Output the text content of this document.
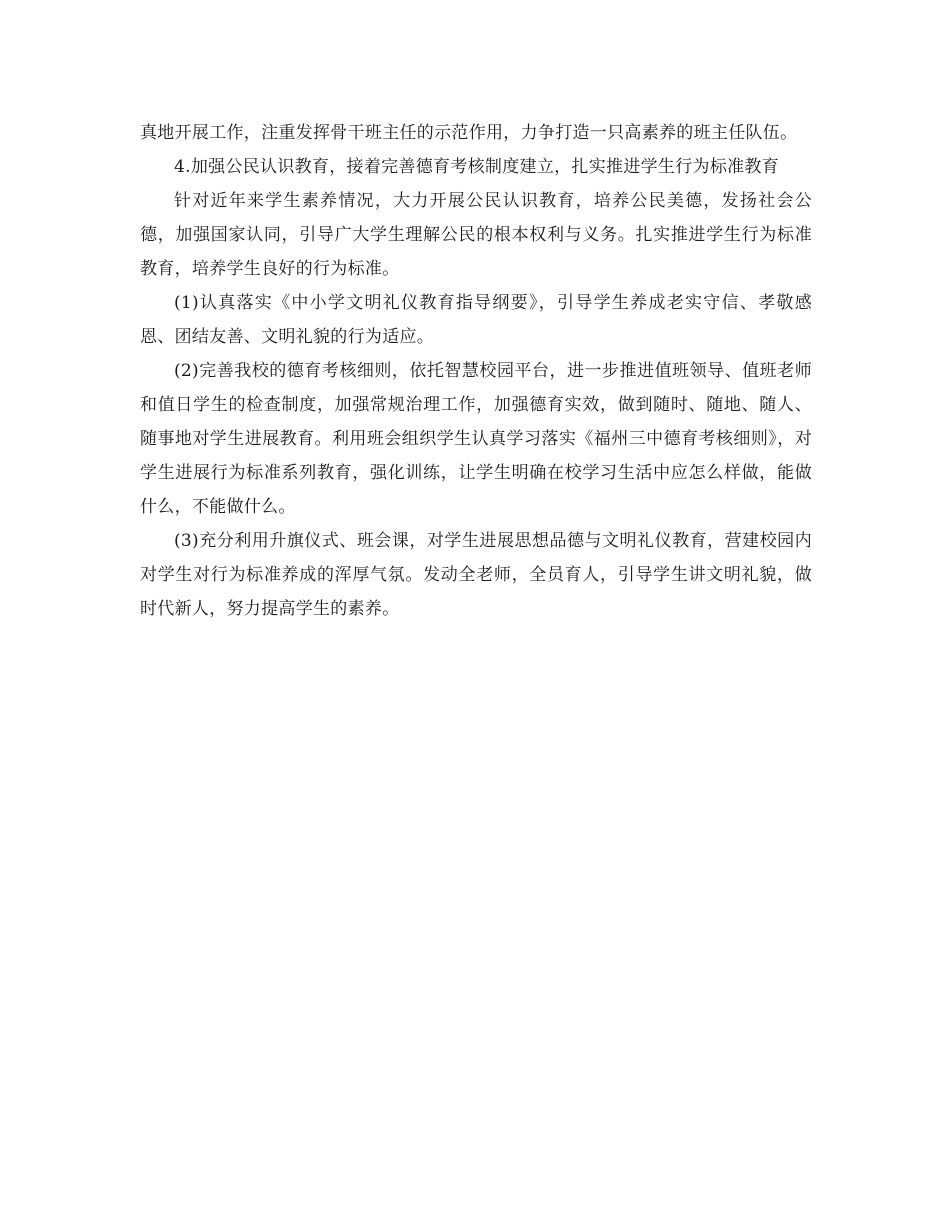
真地开展工作，注重发挥骨干班主任的示范作用，力争打造一只高素养的班主任队伍。

4.加强公民认识教育，接着完善德育考核制度建立，扎实推进学生行为标准教育

针对近年来学生素养情况，大力开展公民认识教育，培养公民美德，发扬社会公德，加强国家认同，引导广大学生理解公民的根本权利与义务。扎实推进学生行为标准教育，培养学生良好的行为标准。

(1)认真落实《中小学文明礼仪教育指导纲要》，引导学生养成老实守信、孝敬感恩、团结友善、文明礼貌的行为适应。

(2)完善我校的德育考核细则，依托智慧校园平台，进一步推进值班领导、值班老师和值日学生的检查制度，加强常规治理工作，加强德育实效，做到随时、随地、随人、随事地对学生进展教育。利用班会组织学生认真学习落实《福州三中德育考核细则》，对学生进展行为标准系列教育，强化训练，让学生明确在校学习生活中应怎么样做，能做什么，不能做什么。

(3)充分利用升旗仪式、班会课，对学生进展思想品德与文明礼仪教育，营建校园内对学生对行为标准养成的浑厚气氛。发动全老师，全员育人，引导学生讲文明礼貌，做时代新人，努力提高学生的素养。
